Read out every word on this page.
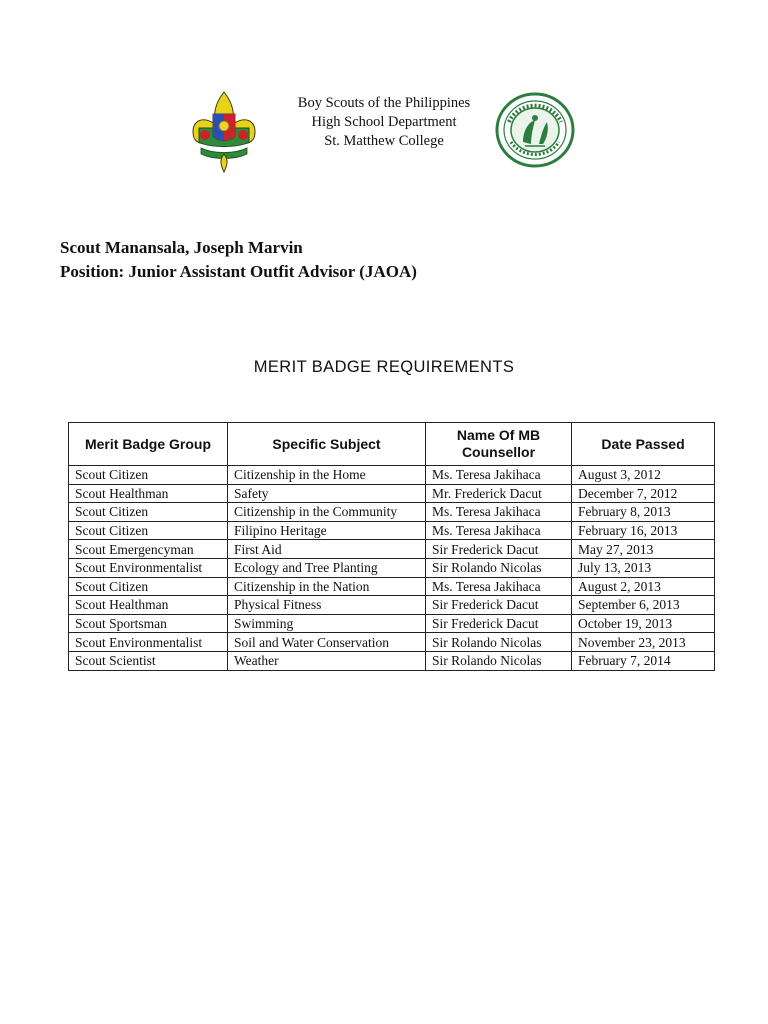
Boy Scouts of the Philippines
High School Department
St. Matthew College
Scout Manansala, Joseph Marvin
Position: Junior Assistant Outfit Advisor (JAOA)
MERIT BADGE REQUIREMENTS
Merit Badge Group	Specific Subject	Name Of MB Counsellor	Date Passed
Scout Citizen	Citizenship in the Home	Ms. Teresa Jakihaca	August 3, 2012
Scout Healthman	Safety	Mr. Frederick Dacut	December 7, 2012
Scout Citizen	Citizenship in the Community	Ms. Teresa Jakihaca	February 8, 2013
Scout Citizen	Filipino Heritage	Ms. Teresa Jakihaca	February 16, 2013
Scout Emergencyman	First Aid	Sir Frederick Dacut	May 27, 2013
Scout Environmentalist	Ecology and Tree Planting	Sir Rolando Nicolas	July 13, 2013
Scout Citizen	Citizenship in the Nation	Ms. Teresa Jakihaca	August 2, 2013
Scout Healthman	Physical Fitness	Sir Frederick Dacut	September 6, 2013
Scout Sportsman	Swimming	Sir Frederick Dacut	October 19, 2013
Scout Environmentalist	Soil and Water Conservation	Sir Rolando Nicolas	November 23, 2013
Scout Scientist	Weather	Sir Rolando Nicolas	February 7, 2014
